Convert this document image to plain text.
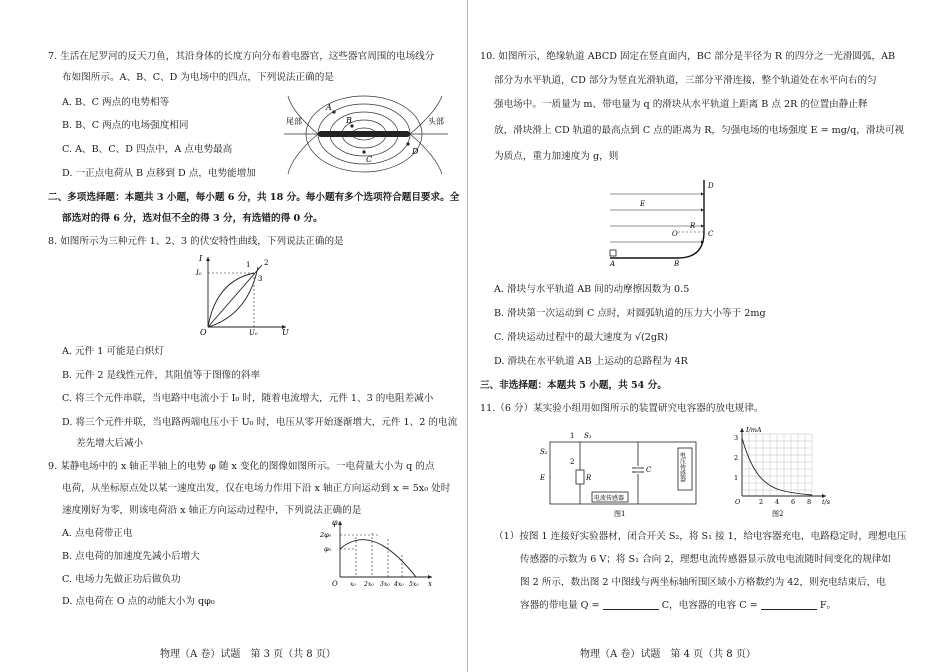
7. 生活在尼罗河的反天刀鱼，其沿身体的长度方向分布着电器官，这些器官周围的电场线分

布如图所示。A、B、C、D 为电场中的四点，下列说法正确的是

A. B、C 两点的电势相等

B. B、C 两点的电场强度相同

C. A、B、C、D 四点中，A 点电势最高

D. 一正点电荷从 B 点移到 D 点，电势能增加

尾部	头部
A
B
C
D

二、多项选择题：本题共 3 小题，每小题 6 分，共 18 分。每小题有多个选项符合题目要求。全

部选对的得 6 分，选对但不全的得 3 分，有选错的得 0 分。

8. 如图所示为三种元件 1、2、3 的伏安特性曲线，下列说法正确的是

I
I₀
O	U₀	U
1 2
3

A. 元件 1 可能是白炽灯

B. 元件 2 是线性元件，其阻值等于图像的斜率

C. 将三个元件串联，当电路中电流小于 I₀ 时，随着电流增大，元件 1、3 的电阻差减小

D. 将三个元件并联，当电路两端电压小于 U₀ 时，电压从零开始逐渐增大，元件 1、2 的电流

差先增大后减小

9. 某静电场中的 x 轴正半轴上的电势 φ 随 x 变化的图像如图所示。一电荷量大小为 q 的点

电荷，从坐标原点处以某一速度出发，仅在电场力作用下沿 x 轴正方向运动到 x = 5x₀ 处时

速度刚好为零，则该电荷沿 x 轴正方向运动过程中，下列说法正确的是

A. 点电荷带正电

B. 点电荷的加速度先减小后增大

C. 电场力先做正功后做负功

D. 点电荷在 O 点的动能大小为 qφ₀

φ
2φ₀
φ₀
O x₀ 2x₀ 3x₀ 4x₀ 5x₀ x
物理（A 卷）试题　第 3 页（共 8 页）

10. 如图所示，绝缘轨道 ABCD 固定在竖直面内，BC 部分是半径为 R 的四分之一光滑圆弧，AB

部分为水平轨道，CD 部分为竖直光滑轨道，三部分平滑连接，整个轨道处在水平向右的匀

强电场中。一质量为 m、带电量为 q 的滑块从水平轨道上距离 B 点 2R 的位置由静止释

放，滑块滑上 CD 轨道的最高点到 C 点的距离为 R，匀强电场的电场强度 E = mg/q，滑块可视

为质点，重力加速度为 g，则

A	B
C
D
E
O
R

A. 滑块与水平轨道 AB 间的动摩擦因数为 0.5

B. 滑块第一次运动到 C 点时，对圆弧轨道的压力大小等于 2mg

C. 滑块运动过程中的最大速度为 √(2gR)

D. 滑块在水平轨道 AB 上运动的总路程为 4R

三、非选择题：本题共 5 小题，共 54 分。

11.（6 分）某实验小组用如图所示的装置研究电容器的放电规律。

1
2
S₁
S₂
E	R
C
电流传感器
电压传感器
图1
I/mA
3
2
1
O	2 4 6 8 t/s
图2

（1）按图 1 连接好实验器材，闭合开关 S₂，将 S₁ 接 1，给电容器充电，电路稳定时，理想电压

传感器的示数为 6 V；将 S₁ 合向 2，理想电流传感器显示放电电流随时间变化的规律如

图 2 所示，数出图 2 中图线与两坐标轴所围区域小方格数约为 42，则充电结束后，电

容器的带电量 Q =	C，电容器的电容 C =	F。

物理（A 卷）试题　第 4 页（共 8 页）
